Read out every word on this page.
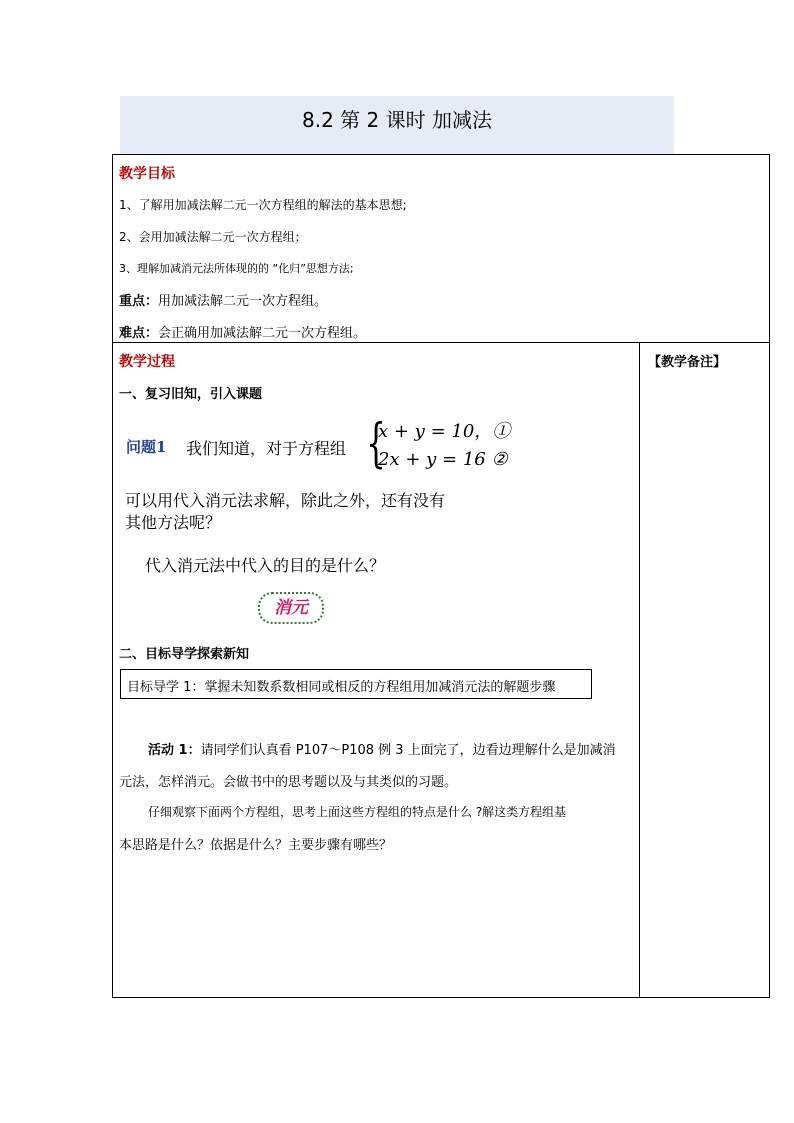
8.2 第 2 课时 加减法
教学目标
1、了解用加减法解二元一次方程组的解法的基本思想;
2、会用加减法解二元一次方程组；
3、理解加减消元法所体现的的 “化归”思想方法;
重点：用加减法解二元一次方程组。
难点：会正确用加减法解二元一次方程组。
教学过程	【教学备注】
一、复习旧知，引入课题
问题1 我们知道，对于方程组 {
x + y = 10，①
2x + y = 16 ②
可以用代入消元法求解，除此之外，还有没有
其他方法呢？
代入消元法中代入的目的是什么？
消元
二、目标导学探索新知
目标导学 1：掌握未知数系数相同或相反的方程组用加减消元法的解题步骤
活动 1：请同学们认真看 P107～P108 例 3 上面完了，边看边理解什么是加减消
元法，怎样消元。会做书中的思考题以及与其类似的习题。
仔细观察下面两个方程组，思考上面这些方程组的特点是什么 ?解这类方程组基
本思路是什么？依据是什么？主要步骤有哪些？
